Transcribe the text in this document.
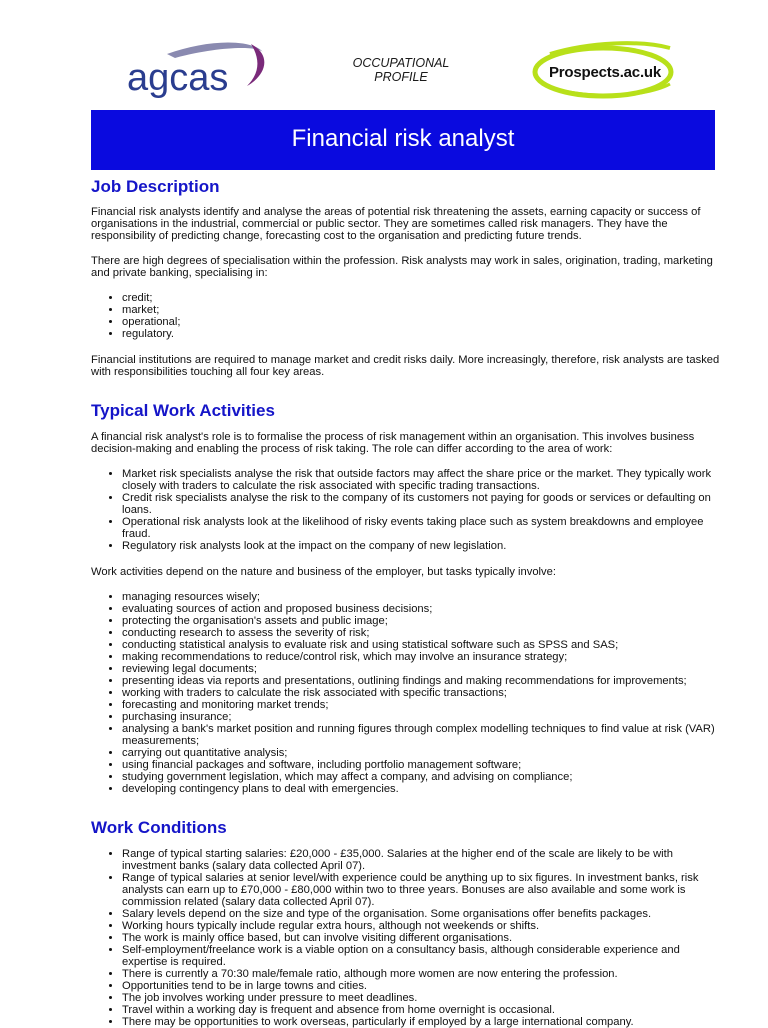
agcas	OCCUPATIONAL
PROFILE	Prospects.ac.uk
Financial risk analyst
Job Description

Financial risk analysts identify and analyse the areas of potential risk threatening the assets, earning capacity or success of organisations in the industrial, commercial or public sector. They are sometimes called risk managers. They have the responsibility of predicting change, forecasting cost to the organisation and predicting future trends.

There are high degrees of specialisation within the profession. Risk analysts may work in sales, origination, trading, marketing and private banking, specialising in:

• credit;
• market;
• operational;
• regulatory.

Financial institutions are required to manage market and credit risks daily. More increasingly, therefore, risk analysts are tasked with responsibilities touching all four key areas.

Typical Work Activities

A financial risk analyst's role is to formalise the process of risk management within an organisation. This involves business decision-making and enabling the process of risk taking. The role can differ according to the area of work:

• Market risk specialists analyse the risk that outside factors may affect the share price or the market. They typically work closely with traders to calculate the risk associated with specific trading transactions.
• Credit risk specialists analyse the risk to the company of its customers not paying for goods or services or defaulting on loans.
• Operational risk analysts look at the likelihood of risky events taking place such as system breakdowns and employee fraud.
• Regulatory risk analysts look at the impact on the company of new legislation.

Work activities depend on the nature and business of the employer, but tasks typically involve:

• managing resources wisely;
• evaluating sources of action and proposed business decisions;
• protecting the organisation's assets and public image;
• conducting research to assess the severity of risk;
• conducting statistical analysis to evaluate risk and using statistical software such as SPSS and SAS;
• making recommendations to reduce/control risk, which may involve an insurance strategy;
• reviewing legal documents;
• presenting ideas via reports and presentations, outlining findings and making recommendations for improvements;
• working with traders to calculate the risk associated with specific transactions;
• forecasting and monitoring market trends;
• purchasing insurance;
• analysing a bank's market position and running figures through complex modelling techniques to find value at risk (VAR) measurements;
• carrying out quantitative analysis;
• using financial packages and software, including portfolio management software;
• studying government legislation, which may affect a company, and advising on compliance;
• developing contingency plans to deal with emergencies.
Work Conditions
• Range of typical starting salaries: £20,000 - £35,000. Salaries at the higher end of the scale are likely to be with investment banks (salary data collected April 07).
• Range of typical salaries at senior level/with experience could be anything up to six figures. In investment banks, risk analysts can earn up to £70,000 - £80,000 within two to three years. Bonuses are also available and some work is commission related (salary data collected April 07).
• Salary levels depend on the size and type of the organisation. Some organisations offer benefits packages.
• Working hours typically include regular extra hours, although not weekends or shifts.
• The work is mainly office based, but can involve visiting different organisations.
• Self-employment/freelance work is a viable option on a consultancy basis, although considerable experience and expertise is required.
• There is currently a 70:30 male/female ratio, although more women are now entering the profession.
• Opportunities tend to be in large towns and cities.
• The job involves working under pressure to meet deadlines.
• Travel within a working day is frequent and absence from home overnight is occasional.
• There may be opportunities to work overseas, particularly if employed by a large international company.
